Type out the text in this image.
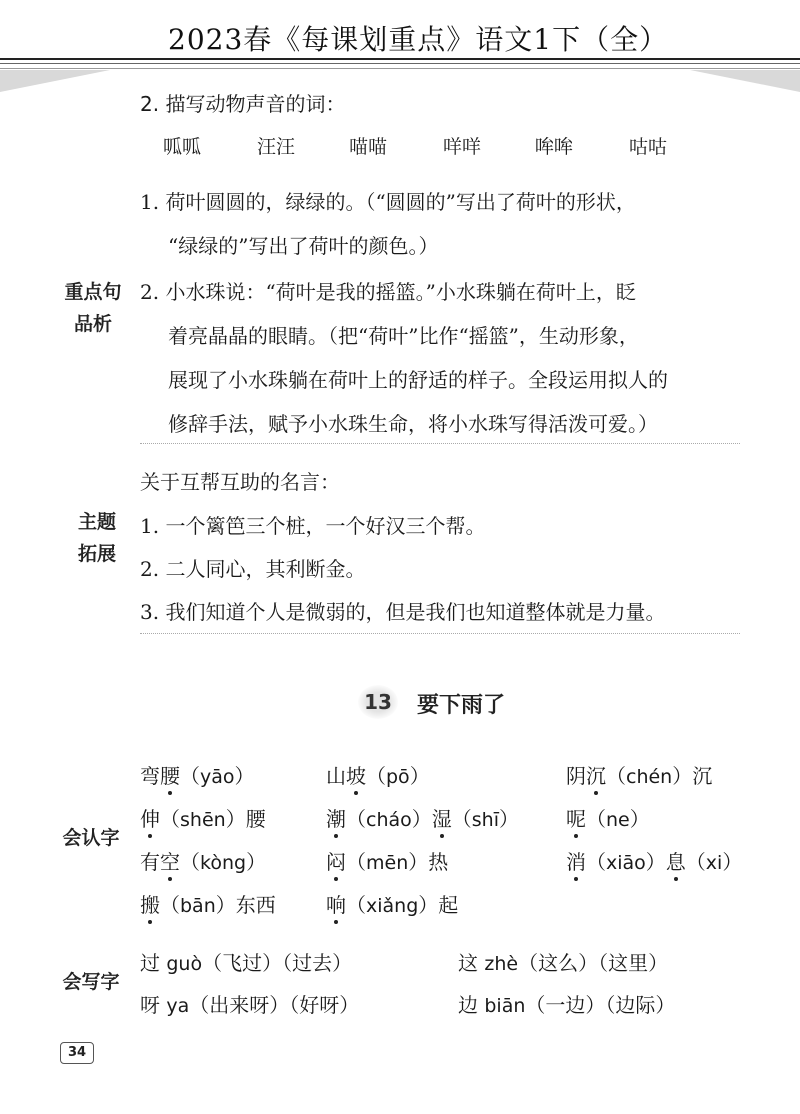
2023春《每课划重点》语文1下（全）
2. 描写动物声音的词：
呱呱	汪汪	喵喵	咩咩	哞哞	咕咕
重点句
品析
1. 荷叶圆圆的，绿绿的。（“圆圆的”写出了荷叶的形状，
“绿绿的”写出了荷叶的颜色。）
2. 小水珠说：“荷叶是我的摇篮。”小水珠躺在荷叶上，眨
着亮晶晶的眼睛。（把“荷叶”比作“摇篮”，生动形象，
展现了小水珠躺在荷叶上的舒适的样子。全段运用拟人的
修辞手法，赋予小水珠生命，将小水珠写得活泼可爱。）
主题
拓展
关于互帮互助的名言：
1. 一个篱笆三个桩，一个好汉三个帮。
2. 二人同心，其利断金。
3. 我们知道个人是微弱的，但是我们也知道整体就是力量。
13 要下雨了
会认字
弯腰（yāo）	山坡（pō）	阴沉（chén）沉
伸（shēn）腰	潮（cháo）湿（shī） 呢（ne）
有空（kòng）	闷（mēn）热	消（xiāo）息（xi）
搬（bān）东西	响（xiǎng）起
会写字
过 guò（飞过）（过去）	这 zhè（这么）（这里）
呀 ya（出来呀）（好呀）	边 biān（一边）（边际）
34
